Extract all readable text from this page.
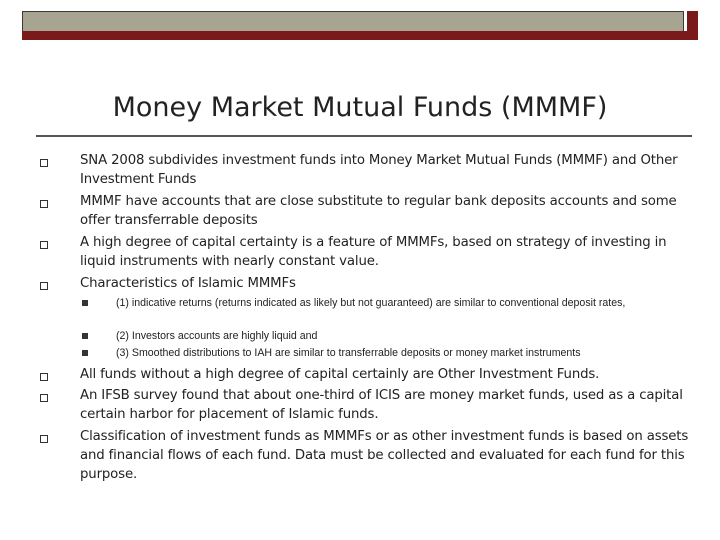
Money Market Mutual Funds (MMMF)
SNA 2008 subdivides investment funds into Money Market Mutual Funds (MMMF) and Other Investment Funds
MMMF have accounts that are close substitute to regular bank deposits accounts and some offer transferrable deposits
A high degree of capital certainty is a feature of MMMFs, based on strategy of investing in liquid instruments with nearly constant value.
Characteristics of Islamic MMMFs
(1) indicative returns (returns indicated as likely but not guaranteed) are similar to conventional deposit rates,
(2) Investors accounts are highly liquid and
(3) Smoothed distributions to IAH are similar to transferrable deposits or money market instruments
All funds without a high degree of capital certainly are Other Investment Funds.
An IFSB survey found that about one-third of ICIS are money market funds, used as a capital certain harbor for placement of Islamic funds.
Classification of investment funds as MMMFs or as other investment funds is based on assets and financial flows of each fund. Data must be collected and evaluated for each fund for this purpose.
